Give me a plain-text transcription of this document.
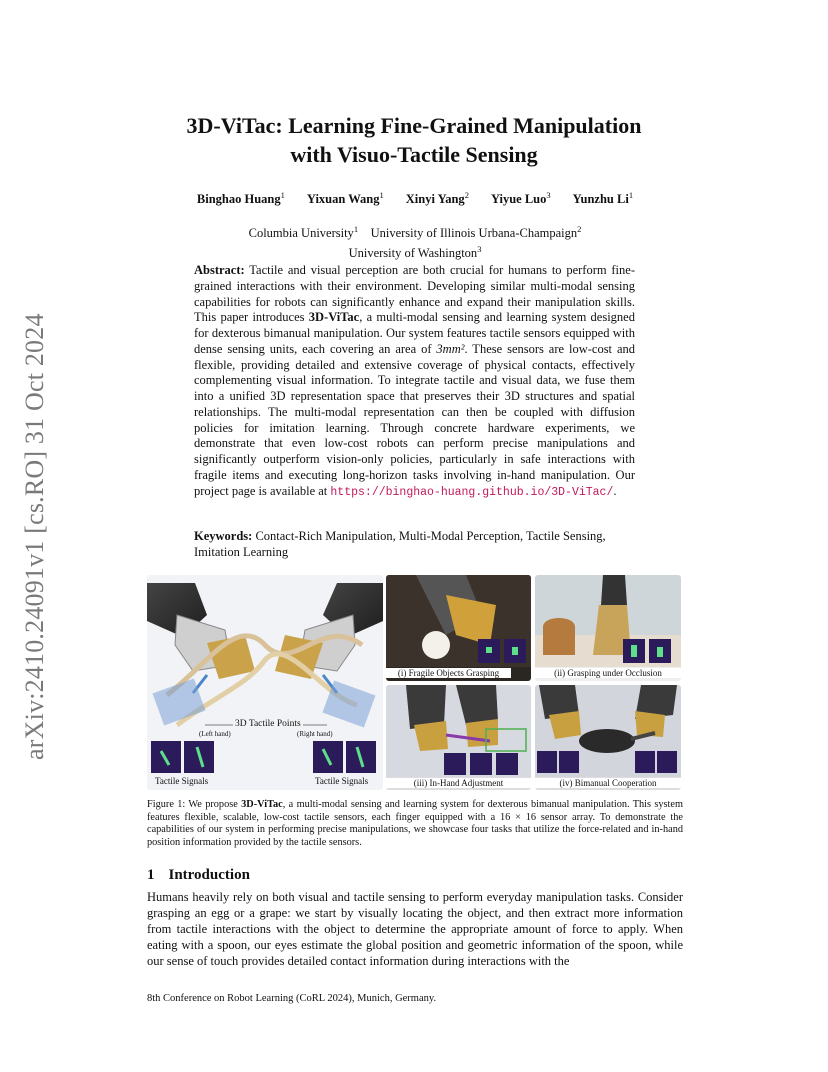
arXiv:2410.24091v1 [cs.RO] 31 Oct 2024
3D-ViTac: Learning Fine-Grained Manipulation
with Visuo-Tactile Sensing
Binghao Huang$^1$ Yixuan Wang$^1$ Xinyi Yang$^2$ Yiyue Luo$^3$ Yunzhu Li$^1$
Columbia University$^1$ University of Illinois Urbana-Champaign$^2$
University of Washington$^3$
Abstract: Tactile and visual perception are both crucial for humans to perform fine-grained interactions with their environment. Developing similar multi-modal sensing capabilities for robots can significantly enhance and expand their manipulation skills. This paper introduces 3D-ViTac, a multi-modal sensing and learning system designed for dexterous bimanual manipulation. Our system features tactile sensors equipped with dense sensing units, each covering an area of 3mm². These sensors are low-cost and flexible, providing detailed and extensive coverage of physical contacts, effectively complementing visual information. To integrate tactile and visual data, we fuse them into a unified 3D representation space that preserves their 3D structures and spatial relationships. The multi-modal representation can then be coupled with diffusion policies for imitation learning. Through concrete hardware experiments, we demonstrate that even low-cost robots can perform precise manipulations and significantly outperform vision-only policies, particularly in safe interactions with fragile items and executing long-horizon tasks involving in-hand manipulation. Our project page is available at https://binghao-huang.github.io/3D-ViTac/.
Keywords: Contact-Rich Manipulation, Multi-Modal Perception, Tactile Sensing, Imitation Learning
3D Tactile Points
(Left hand)	(Right hand)
Tactile Signals	Tactile Signals
(i) Fragile Objects Grasping	(ii) Grasping under Occlusion
(iii) In-Hand Adjustment	(iv) Bimanual Cooperation
Figure 1: We propose 3D-ViTac, a multi-modal sensing and learning system for dexterous bimanual manipulation. This system features flexible, scalable, low-cost tactile sensors, each finger equipped with a 16 × 16 sensor array. To demonstrate the capabilities of our system in performing precise manipulations, we showcase four tasks that utilize the force-related and in-hand position information provided by the tactile sensors.
1 Introduction
Humans heavily rely on both visual and tactile sensing to perform everyday manipulation tasks. Consider grasping an egg or a grape: we start by visually locating the object, and then extract more information from tactile interactions with the object to determine the appropriate amount of force to apply. When eating with a spoon, our eyes estimate the global position and geometric information of the spoon, while our sense of touch provides detailed contact information during interactions with the
8th Conference on Robot Learning (CoRL 2024), Munich, Germany.
